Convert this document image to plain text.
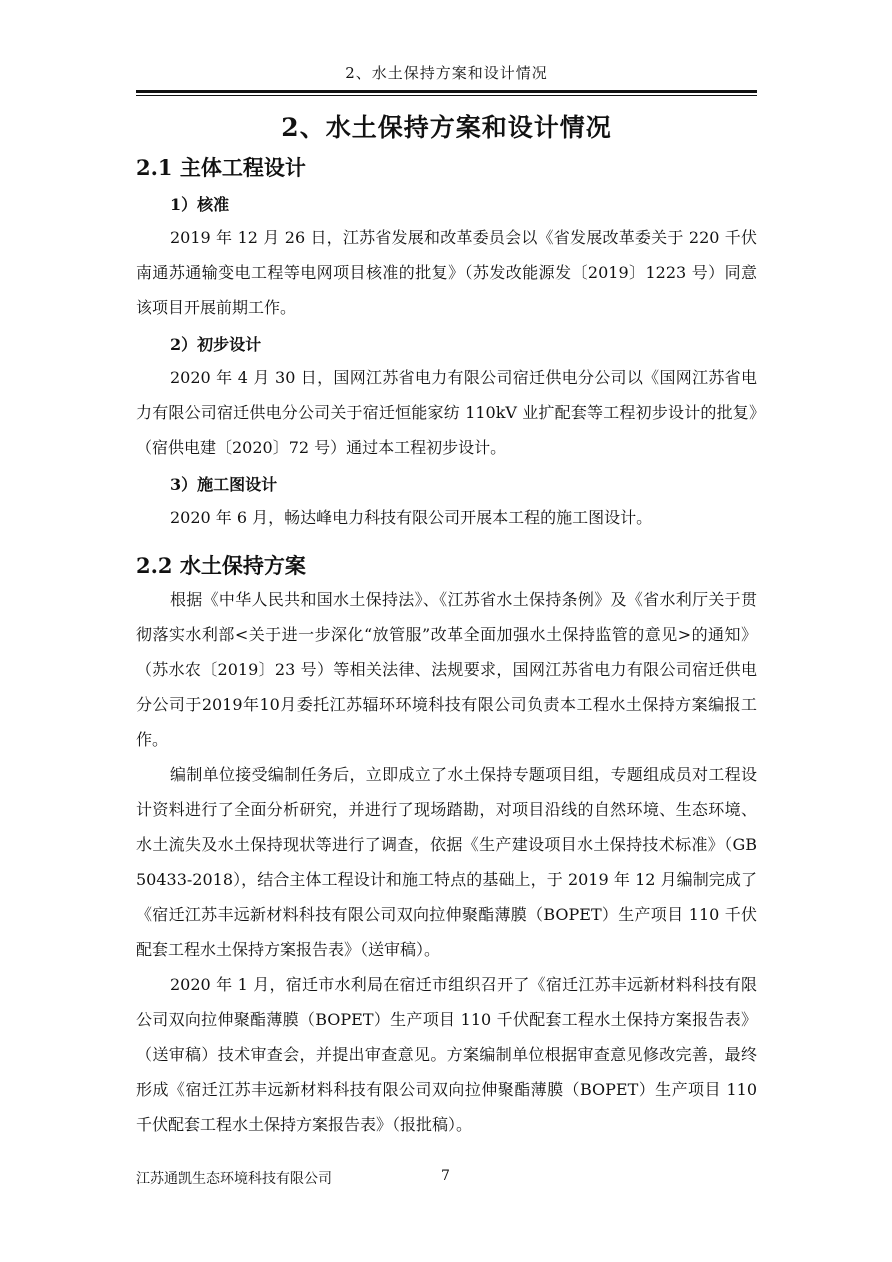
2、水土保持方案和设计情况
2、水土保持方案和设计情况
2.1 主体工程设计
1）核准
2019 年 12 月 26 日，江苏省发展和改革委员会以《省发展改革委关于 220 千伏南通苏通输变电工程等电网项目核准的批复》（苏发改能源发〔2019〕1223 号）同意该项目开展前期工作。
2）初步设计
2020 年 4 月 30 日，国网江苏省电力有限公司宿迁供电分公司以《国网江苏省电力有限公司宿迁供电分公司关于宿迁恒能家纺 110kV 业扩配套等工程初步设计的批复》（宿供电建〔2020〕72 号）通过本工程初步设计。
3）施工图设计
2020 年 6 月，畅达峰电力科技有限公司开展本工程的施工图设计。
2.2 水土保持方案
根据《中华人民共和国水土保持法》、《江苏省水土保持条例》及《省水利厅关于贯彻落实水利部<关于进一步深化“放管服”改革全面加强水土保持监管的意见>的通知》（苏水农〔2019〕23 号）等相关法律、法规要求，国网江苏省电力有限公司宿迁供电分公司于2019年10月委托江苏辐环环境科技有限公司负责本工程水土保持方案编报工作。
编制单位接受编制任务后，立即成立了水土保持专题项目组，专题组成员对工程设计资料进行了全面分析研究，并进行了现场踏勘，对项目沿线的自然环境、生态环境、水土流失及水土保持现状等进行了调查，依据《生产建设项目水土保持技术标准》（GB 50433-2018），结合主体工程设计和施工特点的基础上，于 2019 年 12 月编制完成了《宿迁江苏丰远新材料科技有限公司双向拉伸聚酯薄膜（BOPET）生产项目 110 千伏配套工程水土保持方案报告表》（送审稿）。
2020 年 1 月，宿迁市水利局在宿迁市组织召开了《宿迁江苏丰远新材料科技有限公司双向拉伸聚酯薄膜（BOPET）生产项目 110 千伏配套工程水土保持方案报告表》（送审稿）技术审查会，并提出审查意见。方案编制单位根据审查意见修改完善，最终形成《宿迁江苏丰远新材料科技有限公司双向拉伸聚酯薄膜（BOPET）生产项目 110 千伏配套工程水土保持方案报告表》（报批稿）。
江苏通凯生态环境科技有限公司	7
